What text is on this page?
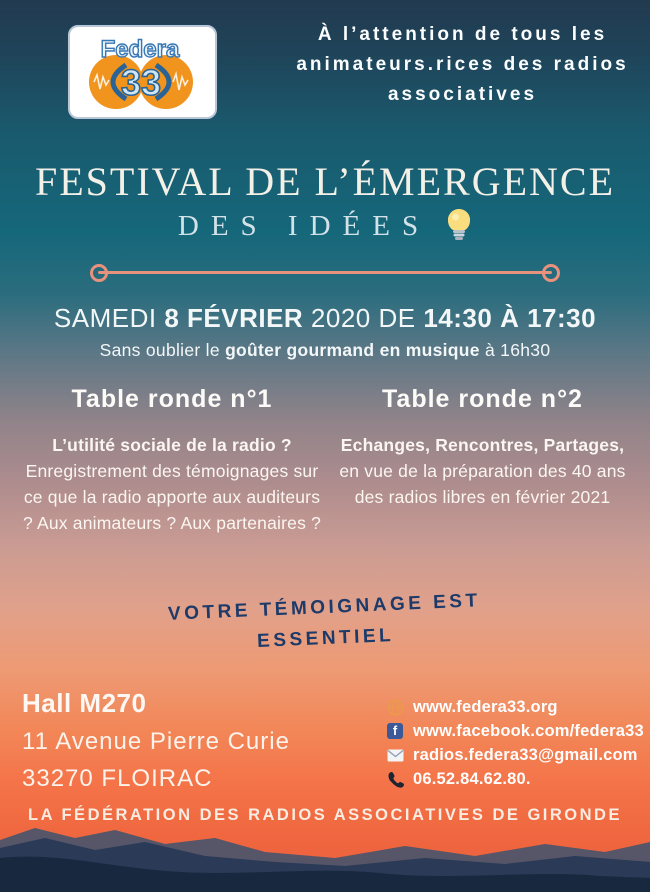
Federa
33
À l’attention de tous les animateurs.rices des radios associatives
FESTIVAL DE L’ÉMERGENCE
DES IDÉES
SAMEDI 8 FÉVRIER 2020 DE 14:30 À 17:30
Sans oublier le goûter gourmand en musique à 16h30
Table ronde n°1
L’utilité sociale de la radio ?
Enregistrement des témoignages sur ce que la radio apporte aux auditeurs ? Aux animateurs ? Aux partenaires ?
Table ronde n°2
Echanges, Rencontres, Partages, en vue de la préparation des 40 ans des radios libres en février 2021
VOTRE TÉMOIGNAGE EST ESSENTIEL
Hall M270
11 Avenue Pierre Curie
33270 FLOIRAC
www.federa33.org
f www.facebook.com/federa33
radios.federa33@gmail.com
06.52.84.62.80.
LA FÉDÉRATION DES RADIOS ASSOCIATIVES DE GIRONDE
